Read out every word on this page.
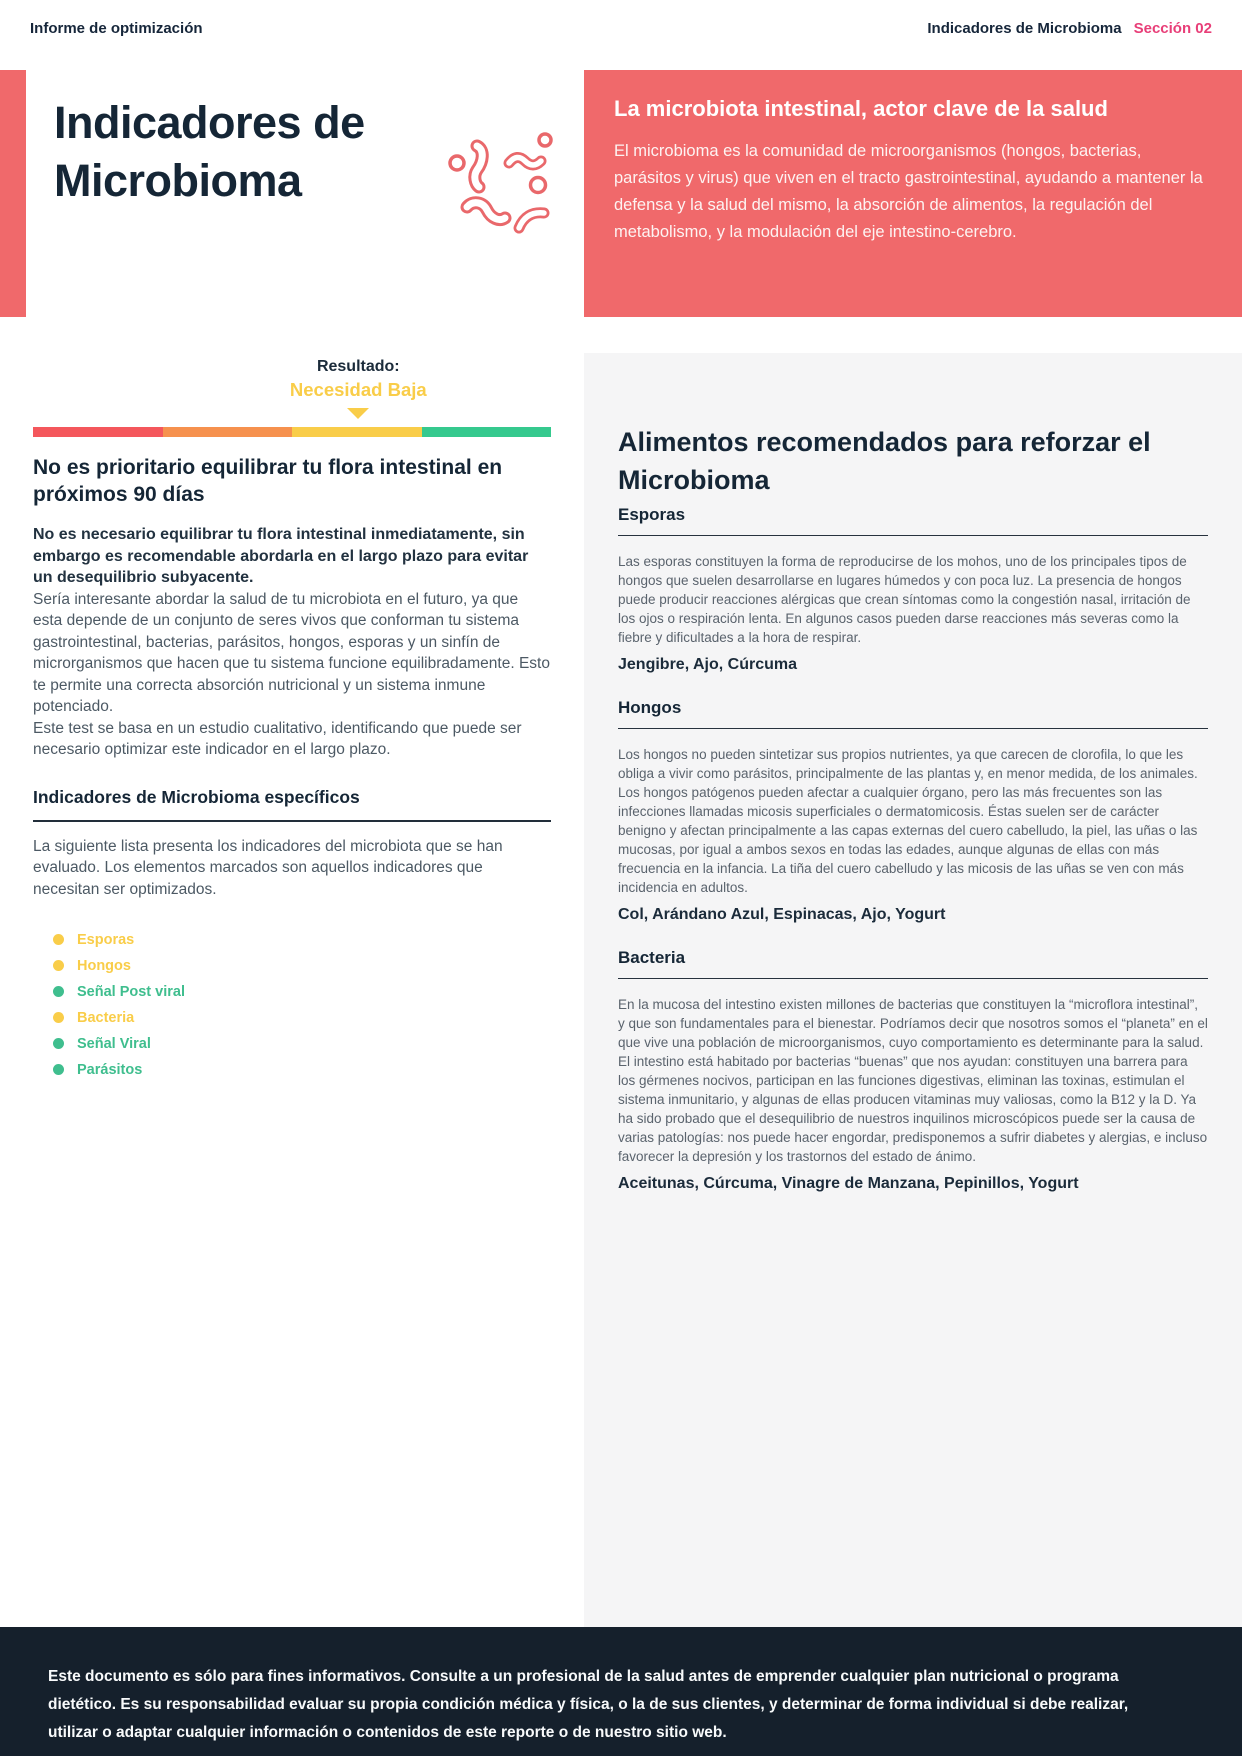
Informe de optimización	Indicadores de Microbioma Sección 02
Indicadores de Microbioma
La microbiota intestinal, actor clave de la salud

El microbioma es la comunidad de microorganismos (hongos, bacterias, parásitos y virus) que viven en el tracto gastrointestinal, ayudando a mantener la defensa y la salud del mismo, la absorción de alimentos, la regulación del metabolismo, y la modulación del eje intestino-cerebro.

Resultado:
Necesidad Baja
No es prioritario equilibrar tu flora intestinal en próximos 90 días

No es necesario equilibrar tu flora intestinal inmediatamente, sin embargo es recomendable abordarla en el largo plazo para evitar un desequilibrio subyacente.

Sería interesante abordar la salud de tu microbiota en el futuro, ya que esta depende de un conjunto de seres vivos que conforman tu sistema gastrointestinal, bacterias, parásitos, hongos, esporas y un sinfín de microrganismos que hacen que tu sistema funcione equilibradamente. Esto te permite una correcta absorción nutricional y un sistema inmune potenciado.

Este test se basa en un estudio cualitativo, identificando que puede ser necesario optimizar este indicador en el largo plazo.

Indicadores de Microbioma específicos

La siguiente lista presenta los indicadores del microbiota que se han evaluado. Los elementos marcados son aquellos indicadores que necesitan ser optimizados.

Esporas
Hongos
Señal Post viral
Bacteria
Señal Viral
Parásitos
Alimentos recomendados para reforzar el Microbioma
Esporas

Las esporas constituyen la forma de reproducirse de los mohos, uno de los principales tipos de hongos que suelen desarrollarse en lugares húmedos y con poca luz. La presencia de hongos puede producir reacciones alérgicas que crean síntomas como la congestión nasal, irritación de los ojos o respiración lenta. En algunos casos pueden darse reacciones más severas como la fiebre y dificultades a la hora de respirar.

Jengibre, Ajo, Cúrcuma

Hongos

Los hongos no pueden sintetizar sus propios nutrientes, ya que carecen de clorofila, lo que les obliga a vivir como parásitos, principalmente de las plantas y, en menor medida, de los animales. Los hongos patógenos pueden afectar a cualquier órgano, pero las más frecuentes son las infecciones llamadas micosis superficiales o dermatomicosis. Éstas suelen ser de carácter benigno y afectan principalmente a las capas externas del cuero cabelludo, la piel, las uñas o las mucosas, por igual a ambos sexos en todas las edades, aunque algunas de ellas con más frecuencia en la infancia. La tiña del cuero cabelludo y las micosis de las uñas se ven con más incidencia en adultos.

Col, Arándano Azul, Espinacas, Ajo, Yogurt

Bacteria

En la mucosa del intestino existen millones de bacterias que constituyen la “microflora intestinal”, y que son fundamentales para el bienestar. Podríamos decir que nosotros somos el “planeta” en el que vive una población de microorganismos, cuyo comportamiento es determinante para la salud. El intestino está habitado por bacterias “buenas” que nos ayudan: constituyen una barrera para los gérmenes nocivos, participan en las funciones digestivas, eliminan las toxinas, estimulan el sistema inmunitario, y algunas de ellas producen vitaminas muy valiosas, como la B12 y la D. Ya ha sido probado que el desequilibrio de nuestros inquilinos microscópicos puede ser la causa de varias patologías: nos puede hacer engordar, predisponemos a sufrir diabetes y alergias, e incluso favorecer la depresión y los trastornos del estado de ánimo.

Aceitunas, Cúrcuma, Vinagre de Manzana, Pepinillos, Yogurt

Este documento es sólo para fines informativos. Consulte a un profesional de la salud antes de emprender cualquier plan nutricional o programa dietético. Es su responsabilidad evaluar su propia condición médica y física, o la de sus clientes, y determinar de forma individual si debe realizar, utilizar o adaptar cualquier información o contenidos de este reporte o de nuestro sitio web.
